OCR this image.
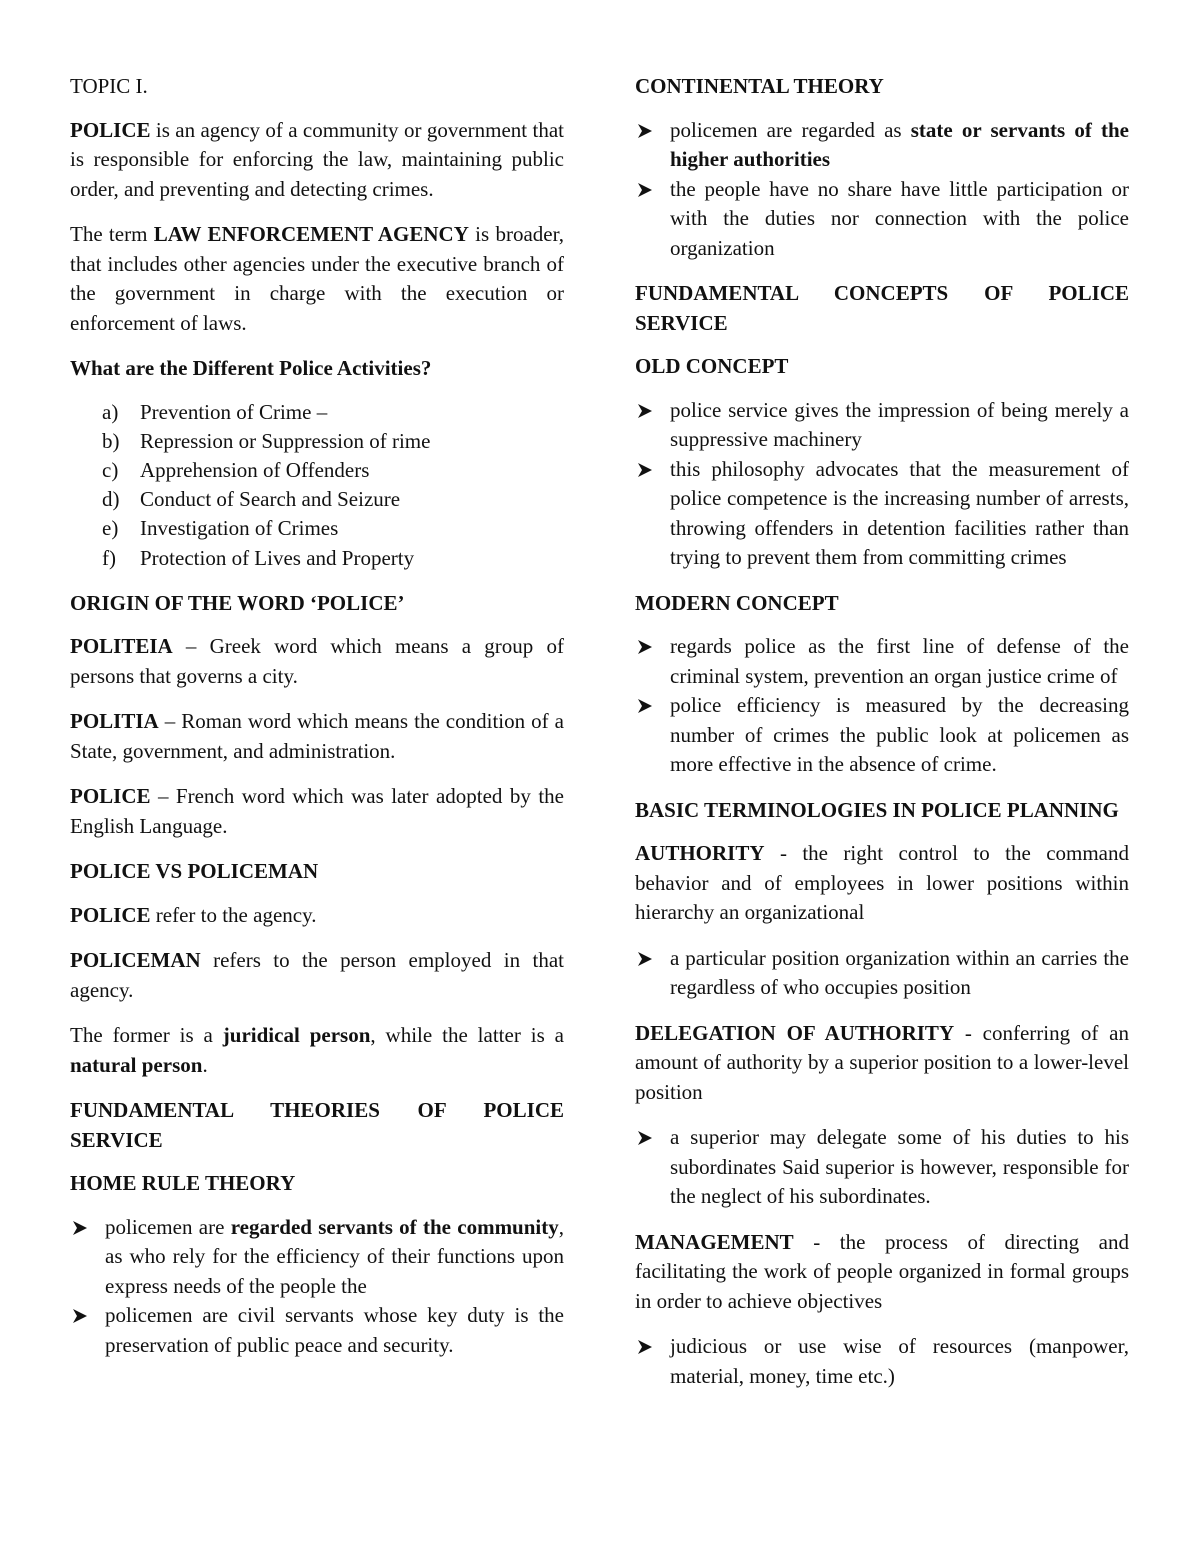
TOPIC I.

POLICE is an agency of a community or government that is responsible for enforcing the law, maintaining public order, and preventing and detecting crimes.

The term LAW ENFORCEMENT AGENCY is broader, that includes other agencies under the executive branch of the government in charge with the execution or enforcement of laws.

What are the Different Police Activities?

a) Prevention of Crime –
b) Repression or Suppression of rime
c) Apprehension of Offenders
d) Conduct of Search and Seizure
e) Investigation of Crimes
f) Protection of Lives and Property

ORIGIN OF THE WORD ‘POLICE’

POLITEIA – Greek word which means a group of persons that governs a city.

POLITIA – Roman word which means the condition of a State, government, and administration.

POLICE – French word which was later adopted by the English Language.

POLICE VS POLICEMAN

POLICE refer to the agency.

POLICEMAN refers to the person employed in that agency.

The former is a juridical person, while the latter is a natural person.

FUNDAMENTAL THEORIES OF POLICE SERVICE

HOME RULE THEORY

policemen are regarded servants of the community, as who rely for the efficiency of their functions upon express needs of the people the
policemen are civil servants whose key duty is the preservation of public peace and security.

CONTINENTAL THEORY

policemen are regarded as state or servants of the higher authorities
the people have no share have little participation or with the duties nor connection with the police organization

FUNDAMENTAL CONCEPTS OF POLICE SERVICE

OLD CONCEPT

police service gives the impression of being merely a suppressive machinery
this philosophy advocates that the measurement of police competence is the increasing number of arrests, throwing offenders in detention facilities rather than trying to prevent them from committing crimes

MODERN CONCEPT

regards police as the first line of defense of the criminal system, prevention an organ justice crime of
police efficiency is measured by the decreasing number of crimes the public look at policemen as more effective in the absence of crime.

BASIC TERMINOLOGIES IN POLICE PLANNING

AUTHORITY - the right control to the command behavior and of employees in lower positions within hierarchy an organizational

a particular position organization within an carries the regardless of who occupies position

DELEGATION OF AUTHORITY - conferring of an amount of authority by a superior position to a lower-level position

a superior may delegate some of his duties to his subordinates Said superior is however, responsible for the neglect of his subordinates.

MANAGEMENT - the process of directing and facilitating the work of people organized in formal groups in order to achieve objectives

judicious or use wise of resources (manpower, material, money, time etc.)
